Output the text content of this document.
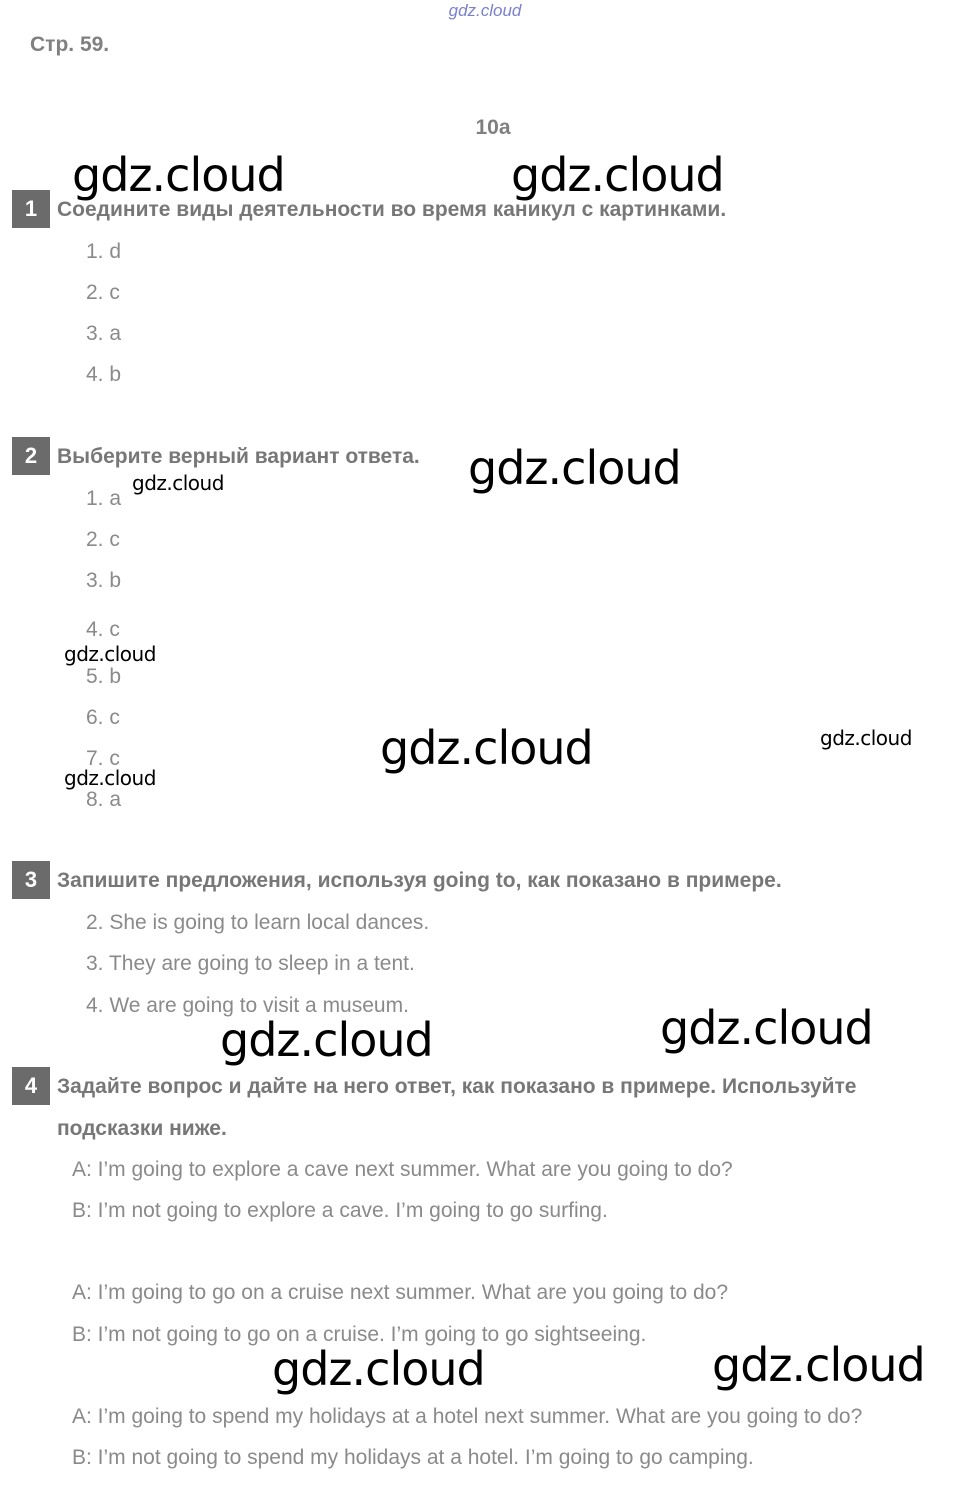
gdz.cloud
Стр. 59.
10a
1 Соедините виды деятельности во время каникул с картинками.
1. d
2. c
3. a
4. b
2 Выберите верный вариант ответа.
1. a
2. c
3. b
4. c
5. b
6. c
7. c
8. a
3 Запишите предложения, используя going to, как показано в примере.
2. She is going to learn local dances.
3. They are going to sleep in a tent.
4. We are going to visit a museum.
4 Задайте вопрос и дайте на него ответ, как показано в примере. Используйте
подсказки ниже.
A: I’m going to explore a cave next summer. What are you going to do?
B: I’m not going to explore a cave. I’m going to go surfing.
A: I’m going to go on a cruise next summer. What are you going to do?
B: I’m not going to go on a cruise. I’m going to go sightseeing.
A: I’m going to spend my holidays at a hotel next summer. What are you going to do?
B: I’m not going to spend my holidays at a hotel. I’m going to go camping.
gdz.cloud	gdz.cloud
gdz.cloud
gdz.cloud
gdz.cloud
gdz.cloud	gdz.cloud
gdz.cloud
gdz.cloud
gdz.cloud
gdz.cloud
gdz.cloud
